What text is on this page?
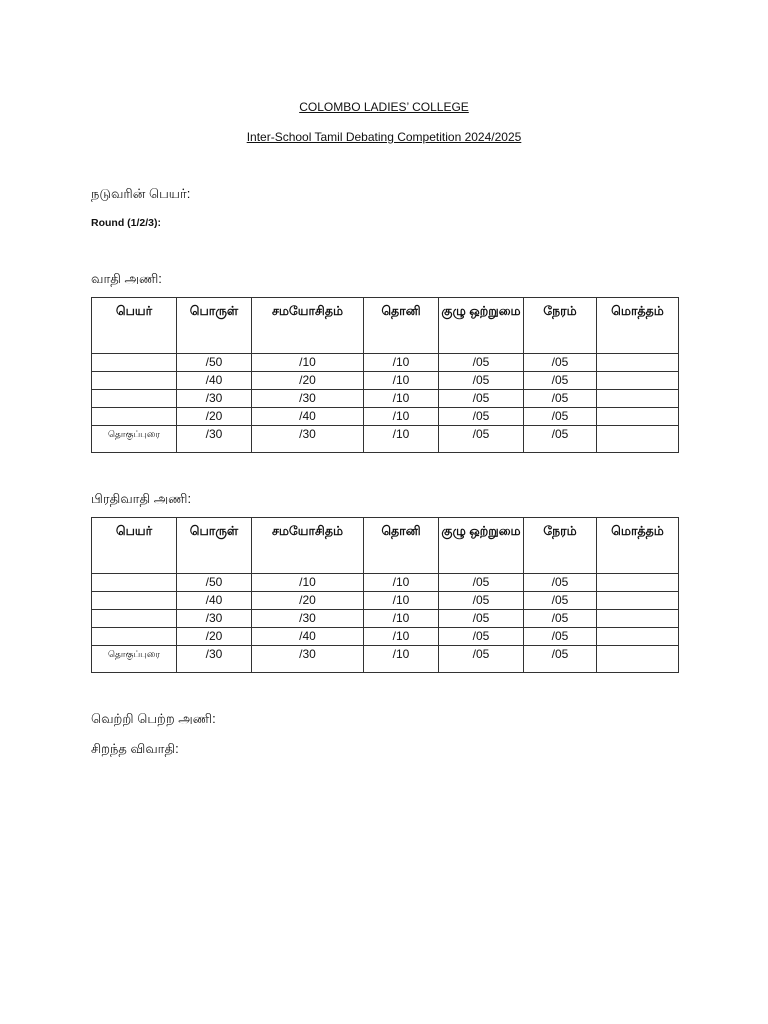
COLOMBO LADIES’ COLLEGE
Inter-School Tamil Debating Competition 2024/2025
நடுவரின் பெயர்:
Round (1/2/3):
வாதி அணி:
பெயர்	பொருள்	சமயோசிதம்	தொனி	குழு ஒற்றுமை	நேரம்	மொத்தம்
	/50	/10	/10	/05	/05	
	/40	/20	/10	/05	/05	
	/30	/30	/10	/05	/05	
	/20	/40	/10	/05	/05	
தொகுப்புரை	/30	/30	/10	/05	/05	
பிரதிவாதி அணி:
பெயர்	பொருள்	சமயோசிதம்	தொனி	குழு ஒற்றுமை	நேரம்	மொத்தம்
	/50	/10	/10	/05	/05	
	/40	/20	/10	/05	/05	
	/30	/30	/10	/05	/05	
	/20	/40	/10	/05	/05	
தொகுப்புரை	/30	/30	/10	/05	/05	
வெற்றி பெற்ற அணி:
சிறந்த விவாதி:
